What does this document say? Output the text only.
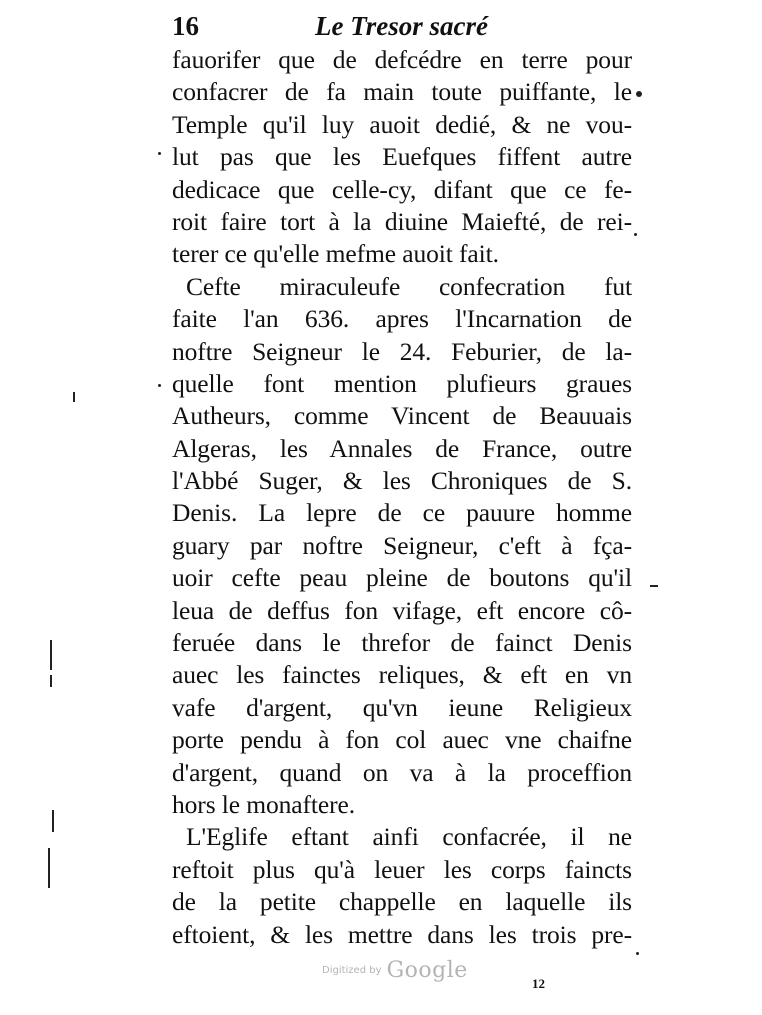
16	Le Tresor sacré
fauorifer que de defcédre en terre pour
confacrer de fa main toute puiffante, le
Temple qu'il luy auoit dedié, & ne vou-
lut pas que les Euefques fiffent autre
dedicace que celle-cy, difant que ce fe-
roit faire tort à la diuine Maiefté, de rei-
terer ce qu'elle mefme auoit fait.
Cefte miraculeufe confecration fut
faite l'an 636. apres l'Incarnation de
noftre Seigneur le 24. Feburier, de la-
quelle font mention plufieurs graues
Autheurs, comme Vincent de Beauuais
Algeras, les Annales de France, outre
l'Abbé Suger, & les Chroniques de S.
Denis. La lepre de ce pauure homme
guary par noftre Seigneur, c'eft à fça-
uoir cefte peau pleine de boutons qu'il
leua de deffus fon vifage, eft encore cô-
feruée dans le threfor de fainct Denis
auec les fainctes reliques, & eft en vn
vafe d'argent, qu'vn ieune Religieux
porte pendu à fon col auec vne chaifne
d'argent, quand on va à la proceffion
hors le monaftere.
L'Eglife eftant ainfi confacrée, il ne
reftoit plus qu'à leuer les corps faincts
de la petite chappelle en laquelle ils
eftoient, & les mettre dans les trois pre-
Digitized by Google
12
